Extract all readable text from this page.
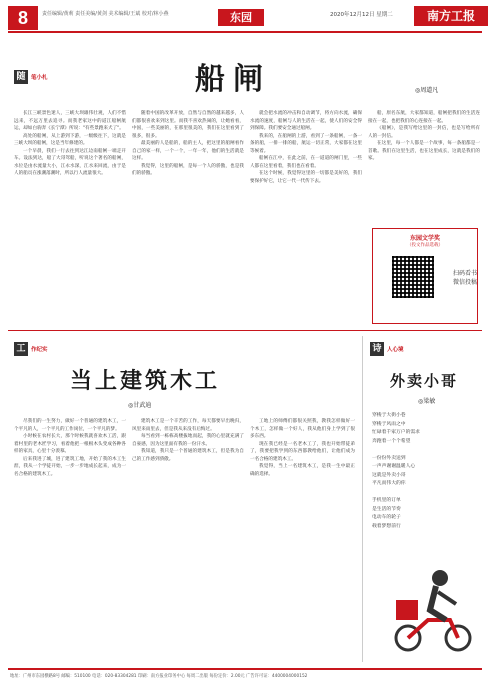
8	责任编辑/黄莉 责任美编/黄剑 美术编辑/王斌 校对/林小燕	东园	2020年12月12日 星期二	南方工报
随	笔小札	船闸	◎周道凡

长江三峡景色迷人，三峡大坝雄伟壮观，人们不惜远来，不远万里去追寻。而我老家这中的道江船闸航运，却如白驹奔《长宁潭》所说："有些景跑来犬了"。

高处的船闸，从上游到下游，一级级往下，这就是三峡大坝的船闸，这是当年修建的。

一个早晨，我们一行去往到达江边南船闸一端走开车。设法到达，船了大哥驾船，听说这个著名的船闸，水位是由水流量大小，江永水深，江水来回流，由于是人的船员在涨潮落潮时，所以行人流量很大。

随着中国的改革开放，自然与自然的越来越多，人们都很喜欢来到这里。而我不喜欢热闹的，让她看看，中国，一些美丽的，在那里很美的，我们在这里看到了很多，很多。

最美丽的人是船的，船的主人，把这里的船闸看作自己的家一样，一个一个，一年一年，他们的生活就是这样。

我觉得，这里的船闸，是每一个人的骄傲，也是我们的骄傲。

就会把水流的冲击和自动调节，将方向水流，确保水流的速度，船闸与人的生活在一起，使人们的安全得到保障。我们要安全通过船闸。

我来的，在船闸的上游，看到了一条船闸，一条一条的船，一排一排的船，航运一切正常，大家都在这里等候着。

船闸在江中，在此之前，在一道道的闸门里，一些人都在这里看着，我们也在看着。

在这个时候，我觉得这里的一切都是美好的，我们要保护好它，让它一代一代传下去。

船，原名东航，大家都知道，船闸把我们的生活连接在一起，也把我们的心连接在一起。

《船闸》，是我写给这里的一封信，也是写给所有人的一封信。

在这里，每一个人都是一个故事，每一条船都是一首歌。我们在这里生活，也在这里成长，这就是我们的家。

东园文学奖
（投文作品选载）
扫码看书
微信投稿
工	作纪实
当上建筑木工
◎甘武迪

尽我们的一生努力，做好一个普通的建筑木工，一个平凡的人，一个平凡的工作岗位，一个平凡的梦。

小时候在农村长大，那个时候我就喜欢木工活，跟着村里的老木匠学习，看着他把一根根木头变成各种各样的家具，心里十分羡慕。

后来我进了城，进了建筑工地，开始了我的木工生涯，我从一个学徒开始，一步一步地成长起来，成为一名合格的建筑木工。

建筑木工是一个辛苦的工作，每天都要早出晚归，风里来雨里去，但是我从来没有后悔过。

每当看到一栋栋高楼拔地而起，我的心里就充满了自豪感，因为这里面有我的一份汗水。

我知道，我只是一个普通的建筑木工，但是我为自己的工作感到骄傲。

工地上的师傅们都很关照我，教我怎样做好一个木工，怎样做一个好人，我从他们身上学到了很多东西。

现在我已经是一名老木工了，我也开始带徒弟了，我要把我学到的东西都教给他们，让他们成为一名合格的建筑木工。

我觉得，当上一名建筑木工，是我一生中最正确的选择。

诗	人心境
外卖小哥
◎梁敏
穿梭于大街小巷
穿梭于风雨之中
忙碌着千家万户的需求
奔跑着一个个希望

一份份外卖送到
一声声谢谢温暖人心
这就是外卖小哥
平凡而伟大的你

手机里的订单
是生活的节奏
电动车的轮子
载着梦想前行
地址：广州市东园横路8号 邮编：510100 电话：020-83304281 印刷：南方报业印务中心 每周二出版 每份定价：2.00元 广告许可证：4400004000152
